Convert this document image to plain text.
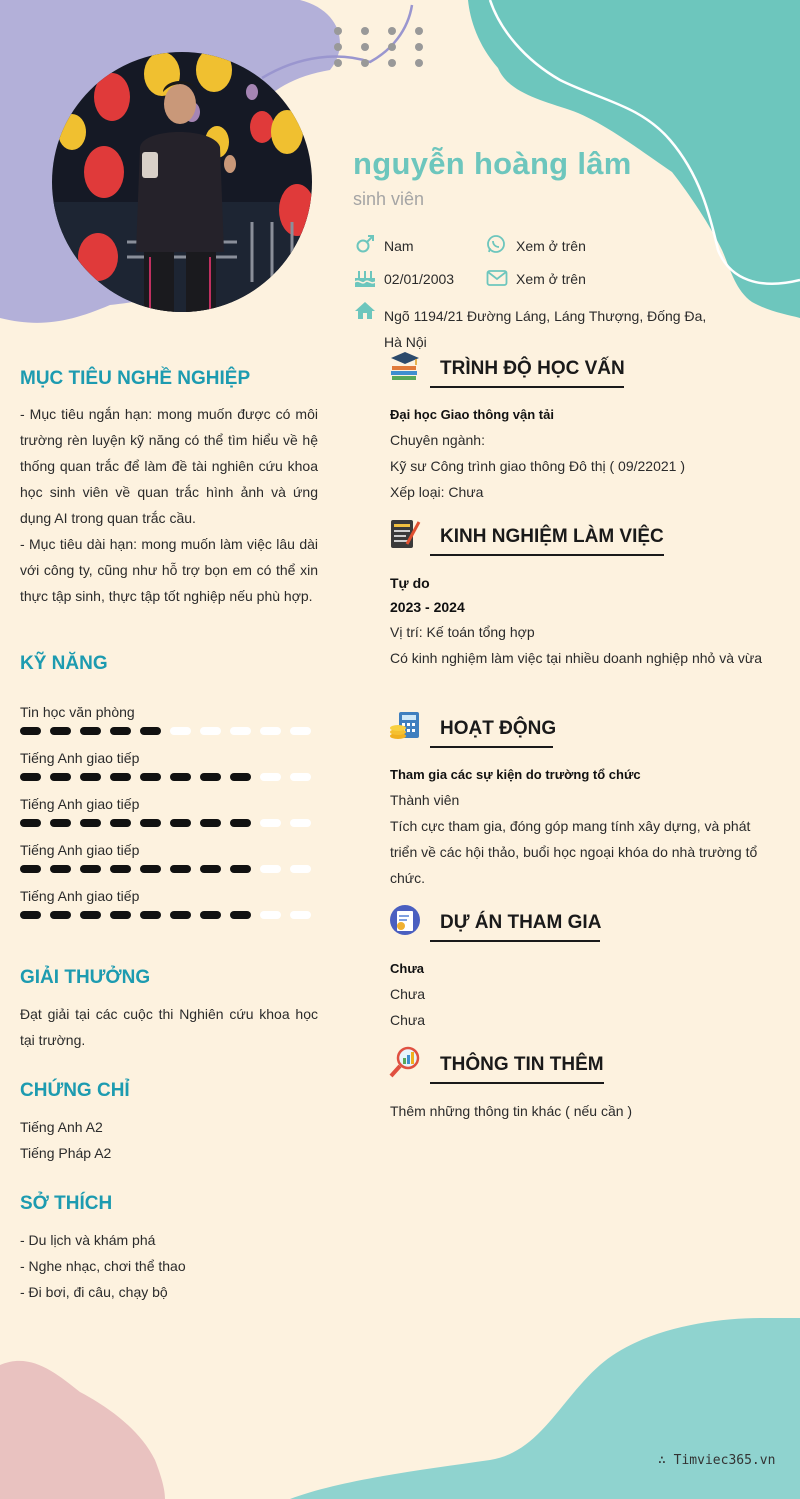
nguyễn hoàng lâm
sinh viên
Nam	Xem ở trên
02/01/2003	Xem ở trên
Ngõ 1194/21 Đường Láng, Láng Thượng, Đống Đa, Hà Nội
MỤC TIÊU NGHỀ NGHIỆP
- Mục tiêu ngắn hạn: mong muốn được có môi trường rèn luyện kỹ năng có thể tìm hiểu về hệ thống quan trắc để làm đề tài nghiên cứu khoa học sinh viên về quan trắc hình ảnh và ứng dụng AI trong quan trắc cầu.
- Mục tiêu dài hạn: mong muốn làm việc lâu dài với công ty, cũng như hỗ trợ bọn em có thể xin thực tập sinh, thực tập tốt nghiệp nếu phù hợp.
KỸ NĂNG
Tin học văn phòng
Tiếng Anh giao tiếp
Tiếng Anh giao tiếp
Tiếng Anh giao tiếp
Tiếng Anh giao tiếp
GIẢI THƯỞNG
Đạt giải tại các cuộc thi Nghiên cứu khoa học tại trường.
CHỨNG CHỈ
Tiếng Anh A2
Tiếng Pháp A2
SỞ THÍCH
- Du lịch và khám phá
- Nghe nhạc, chơi thể thao
- Đi bơi, đi câu, chạy bộ
TRÌNH ĐỘ HỌC VẤN
Đại học Giao thông vận tải
Chuyên ngành:
Kỹ sư Công trình giao thông Đô thị ( 09/22021 )
Xếp loại: Chưa
KINH NGHIỆM LÀM VIỆC
Tự do
2023 - 2024
Vị trí: Kế toán tổng hợp
Có kinh nghiệm làm việc tại nhiều doanh nghiệp nhỏ và vừa
HOẠT ĐỘNG
Tham gia các sự kiện do trường tổ chức
Thành viên
Tích cực tham gia, đóng góp mang tính xây dựng, và phát triển về các hội thảo, buổi học ngoại khóa do nhà trường tổ chức.
DỰ ÁN THAM GIA
Chưa
Chưa
Chưa
THÔNG TIN THÊM
Thêm những thông tin khác ( nếu cần )
∴ Timviec365.vn
